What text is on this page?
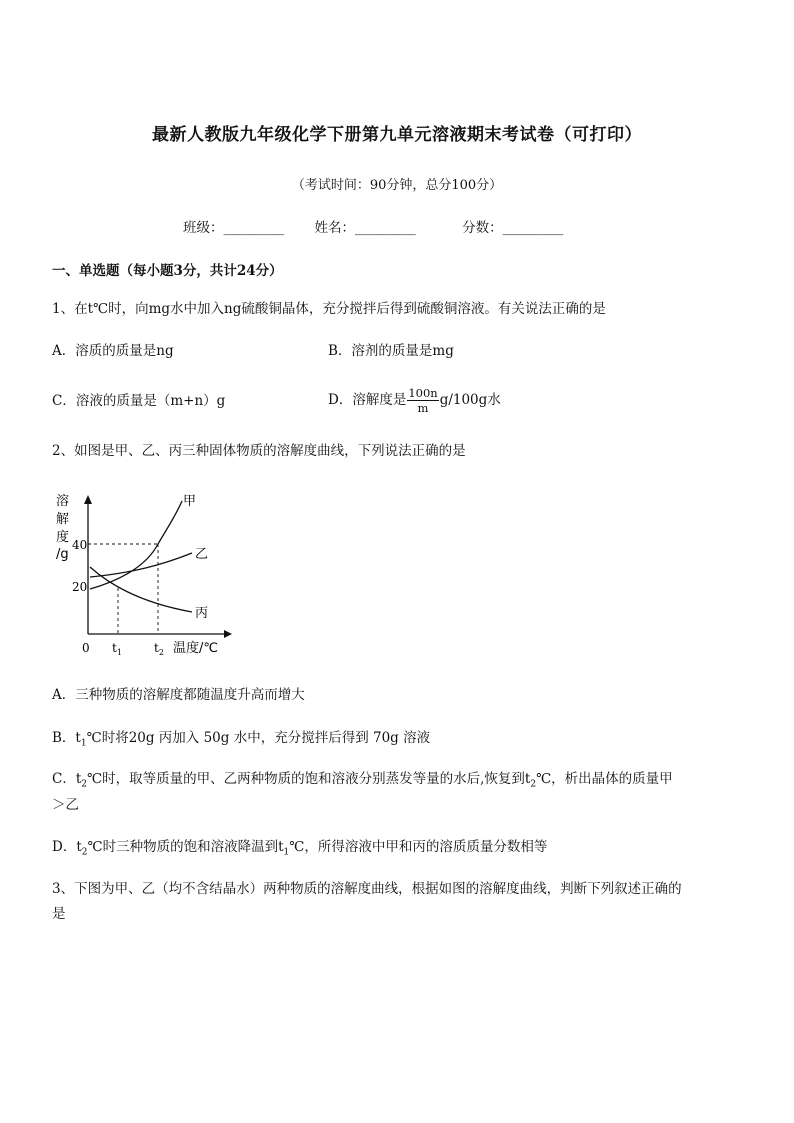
最新人教版九年级化学下册第九单元溶液期末考试卷（可打印）
（考试时间：90分钟，总分100分）
班级：_________ 姓名：_________	分数：_________
一、单选题（每小题3分，共计24分）
1、在t℃时，向mg水中加入ng硫酸铜晶体，充分搅拌后得到硫酸铜溶液。有关说法正确的是
A．溶质的质量是ng	B．溶剂的质量是mg
C．溶液的质量是（m+n）g	D．溶解度是 $\frac{100n}{m} g/100g$水
2、如图是甲、乙、丙三种固体物质的溶解度曲线，下列说法正确的是
溶
解
度
/g
40
20
甲
乙
丙
0 $t_1$	$t_2$ 温度/℃
A．三种物质的溶解度都随温度升高而增大
B．$t_1℃$时将20g 丙加入 50g 水中，充分搅拌后得到 70g 溶液
C．$t_2℃$时，取等质量的甲、乙两种物质的饱和溶液分别蒸发等量的水后,恢复到$t_2℃$，析出晶体的质量甲
＞乙
D．$t_2℃$时三种物质的饱和溶液降温到$t_1℃$，所得溶液中甲和丙的溶质质量分数相等
3、下图为甲、乙（均不含结晶水）两种物质的溶解度曲线，根据如图的溶解度曲线，判断下列叙述正确的
是
